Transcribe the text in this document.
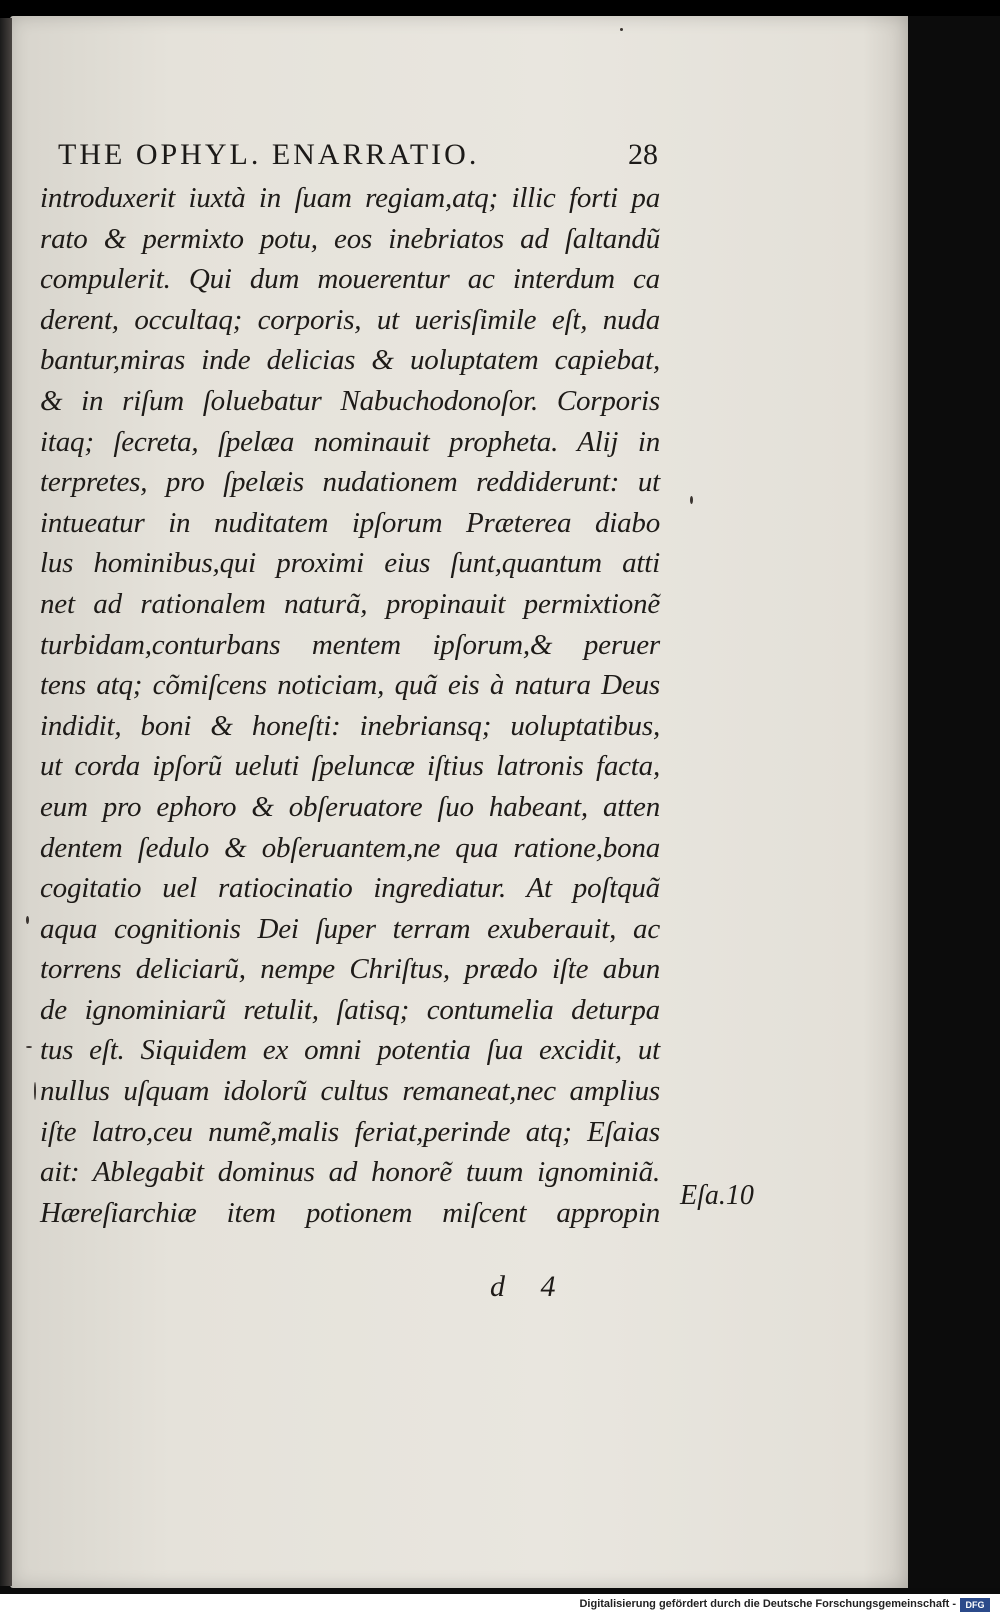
THE OPHYL. ENARRATIO.	28
introduxerit iuxtà in ſuam regiam,atq; illic forti pa
rato & permixto potu, eos inebriatos ad ſaltandũ
compulerit. Qui dum mouerentur ac interdum ca
derent, occultaq; corporis, ut uerisſimile eſt, nuda
bantur,miras inde delicias & uoluptatem capiebat,
& in riſum ſoluebatur Nabuchodonoſor. Corporis
itaq; ſecreta, ſpelæa nominauit propheta. Alij in
terpretes, pro ſpelæis nudationem reddiderunt: ut
intueatur in nuditatem ipſorum Præterea diabo
lus hominibus,qui proximi eius ſunt,quantum atti
net ad rationalem naturã, propinauit permixtionẽ
turbidam,conturbans mentem ipſorum,& peruer
tens atq; cõmiſcens noticiam, quã eis à natura Deus
indidit, boni & honeſti: inebriansq; uoluptatibus,
ut corda ipſorũ ueluti ſpeluncæ iſtius latronis facta,
eum pro ephoro & obſeruatore ſuo habeant, atten
dentem ſedulo & obſeruantem,ne qua ratione,bona
cogitatio uel ratiocinatio ingrediatur. At poſtquã
aqua cognitionis Dei ſuper terram exuberauit, ac
torrens deliciarũ, nempe Chriſtus, prædo iſte abun
de ignominiarũ retulit, ſatisq; contumelia deturpa
tus eſt. Siquidem ex omni potentia ſua excidit, ut
nullus uſquam idolorũ cultus remaneat,nec amplius
iſte latro,ceu numẽ,malis feriat,perinde atq; Eſaias
ait: Ablegabit dominus ad honorẽ tuum ignominiã.
Hæreſiarchiæ item potionem miſcent appropin
Eſa.10
d 4
Digitalisierung gefördert durch die Deutsche Forschungsgemeinschaft -	DFG
